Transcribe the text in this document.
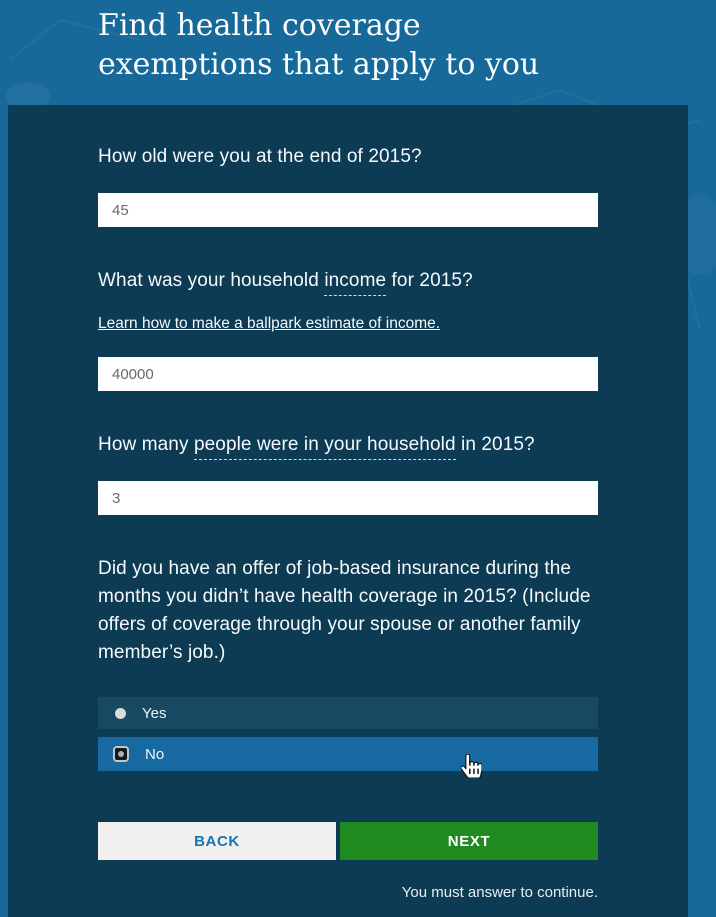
Find health coverage
exemptions that apply to you
How old were you at the end of 2015?
45
What was your household income for 2015?
Learn how to make a ballpark estimate of income.
40000
How many people were in your household in 2015?
3
Did you have an offer of job-based insurance during the months you didn’t have health coverage in 2015? (Include offers of coverage through your spouse or another family member’s job.)
Yes
No
BACK	NEXT
You must answer to continue.
